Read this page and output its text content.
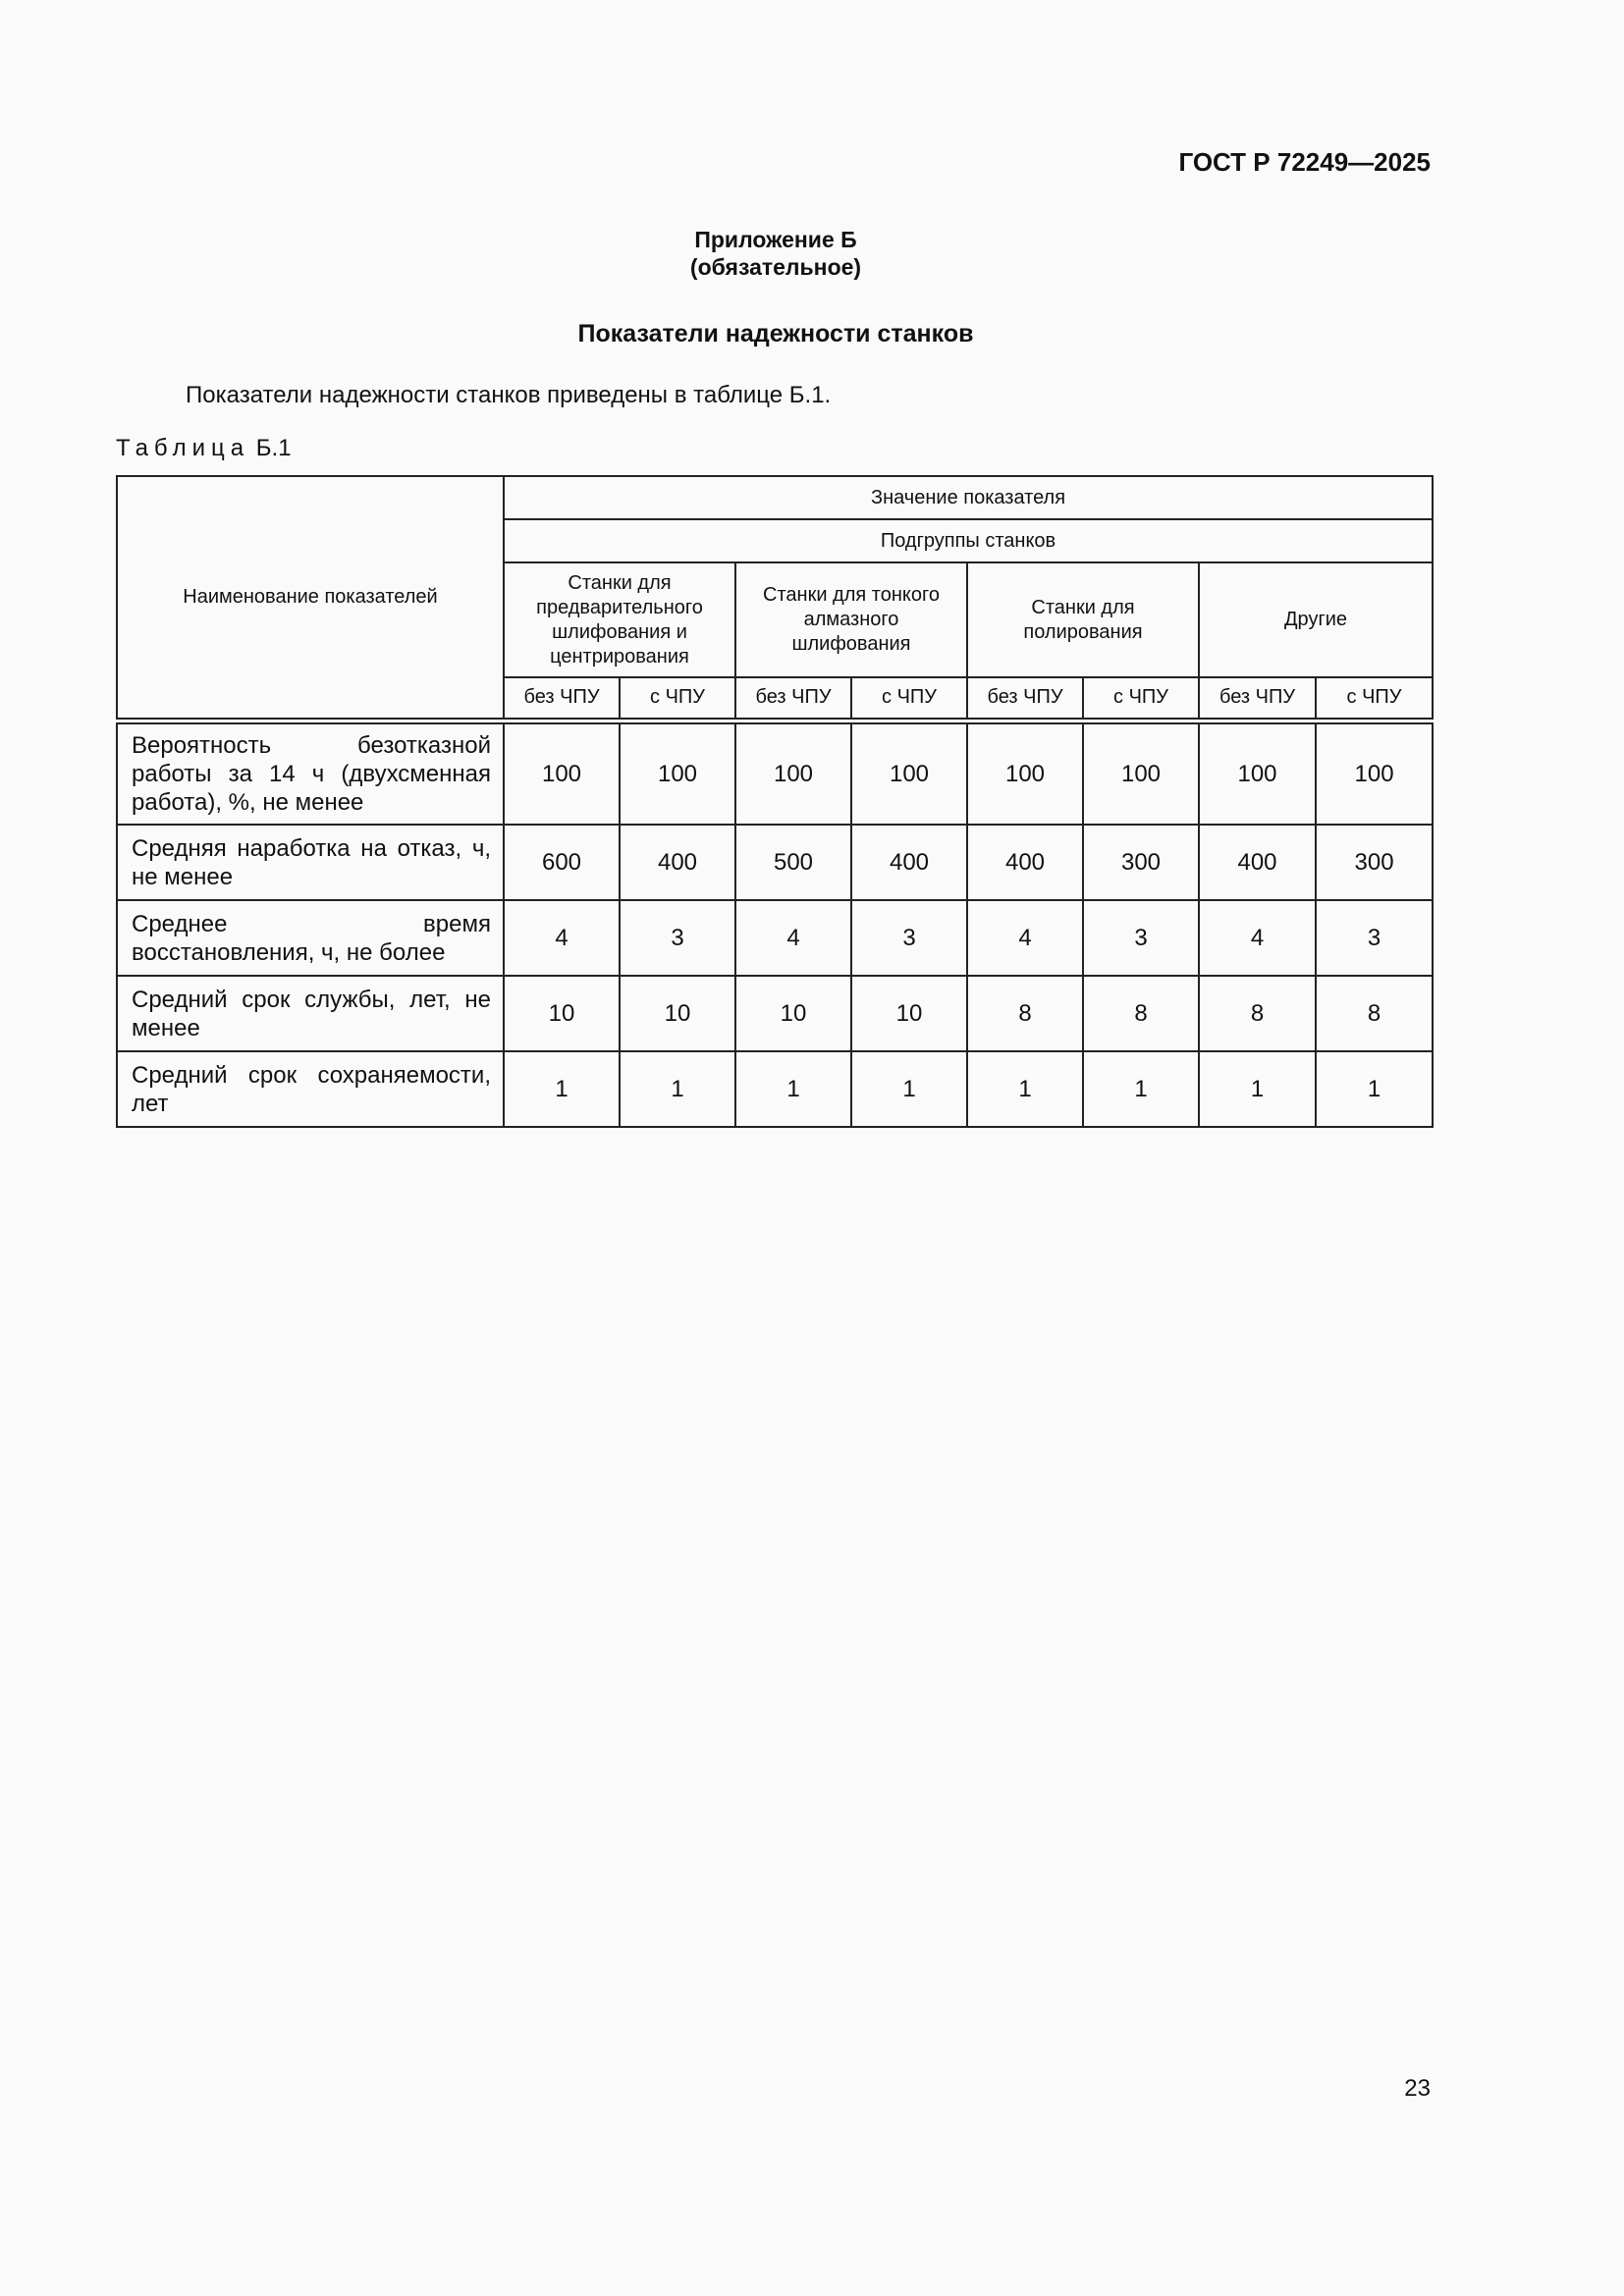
ГОСТ Р 72249—2025
Приложение Б
(обязательное)
Показатели надежности станков
Показатели надежности станков приведены в таблице Б.1.
Таблица Б.1
Наименование показателей	Значение показателя							
	Подгруппы станков							
	Станки для предварительного шлифования и центрирования		Станки для тонкого алмазного шлифования		Станки для полирования		Другие	
	без ЧПУ	с ЧПУ	без ЧПУ	с ЧПУ	без ЧПУ	с ЧПУ	без ЧПУ	с ЧПУ
Вероятность безотказной работы за 14 ч (двухсменная работа), %, не менее	100	100	100	100	100	100	100	100
Средняя наработка на отказ, ч, не менее	600	400	500	400	400	300	400	300
Среднее время восстановления, ч, не более	4	3	4	3	4	3	4	3
Средний срок службы, лет, не менее	10	10	10	10	8	8	8	8
Средний срок сохраняемости, лет	1	1	1	1	1	1	1	1
23
